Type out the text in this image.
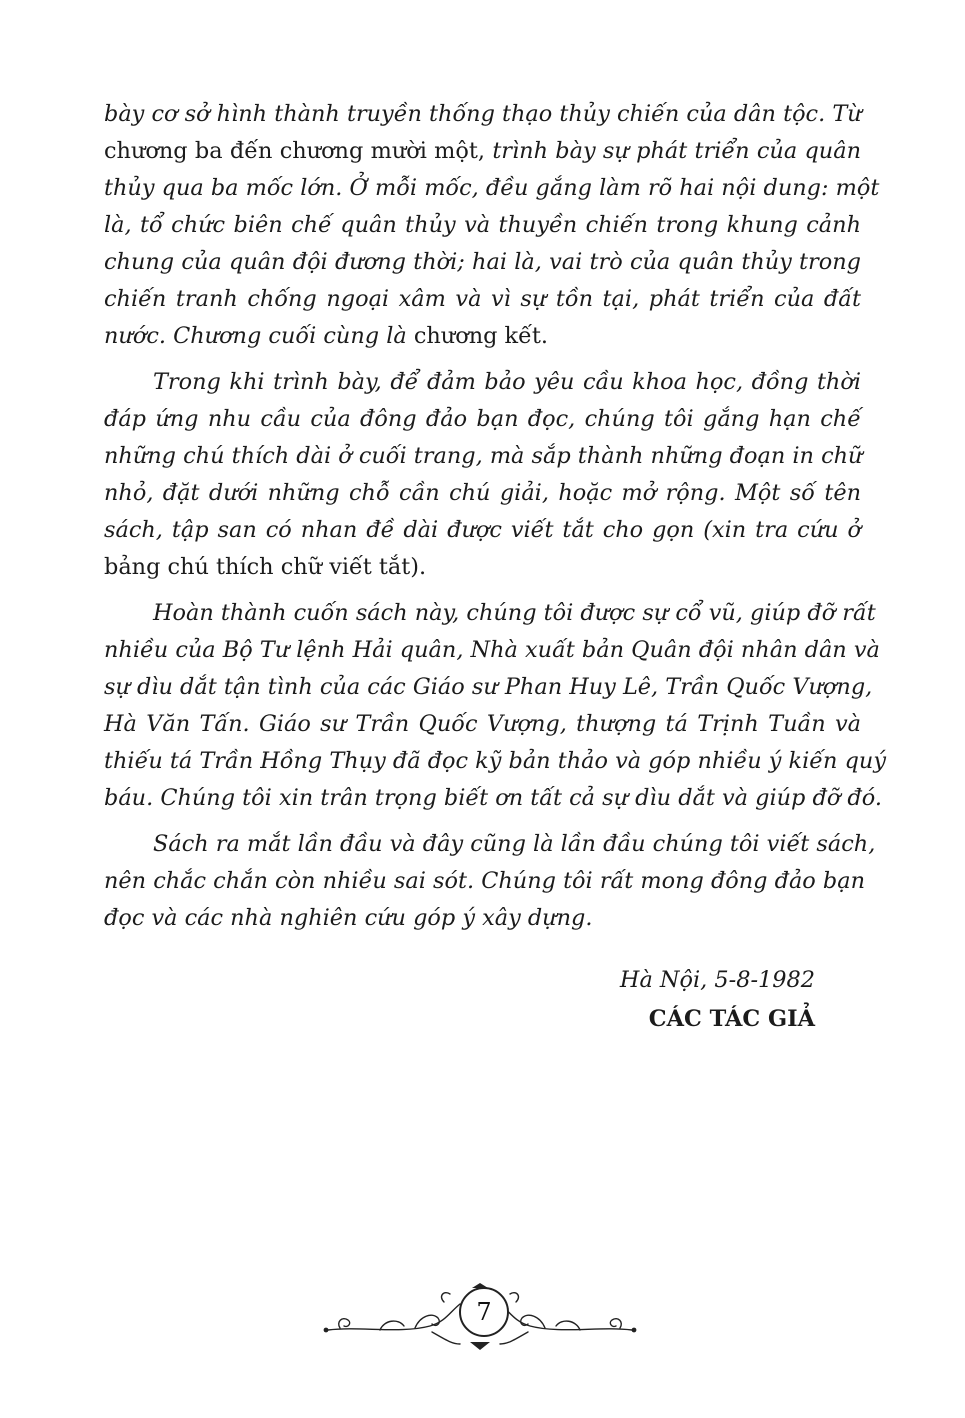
bày cơ sở hình thành truyền thống thạo thủy chiến của dân tộc. Từ
chương ba đến chương mười một, trình bày sự phát triển của quân
thủy qua ba mốc lớn. Ở mỗi mốc, đều gắng làm rõ hai nội dung: một
là, tổ chức biên chế quân thủy và thuyền chiến trong khung cảnh
chung của quân đội đương thời; hai là, vai trò của quân thủy trong
chiến tranh chống ngoại xâm và vì sự tồn tại, phát triển của đất
nước. Chương cuối cùng là chương kết.

Trong khi trình bày, để đảm bảo yêu cầu khoa học, đồng thời
đáp ứng nhu cầu của đông đảo bạn đọc, chúng tôi gắng hạn chế
những chú thích dài ở cuối trang, mà sắp thành những đoạn in chữ
nhỏ, đặt dưới những chỗ cần chú giải, hoặc mở rộng. Một số tên
sách, tập san có nhan đề dài được viết tắt cho gọn (xin tra cứu ở
bảng chú thích chữ viết tắt).

Hoàn thành cuốn sách này, chúng tôi được sự cổ vũ, giúp đỡ rất
nhiều của Bộ Tư lệnh Hải quân, Nhà xuất bản Quân đội nhân dân và
sự dìu dắt tận tình của các Giáo sư Phan Huy Lê, Trần Quốc Vượng,
Hà Văn Tấn. Giáo sư Trần Quốc Vượng, thượng tá Trịnh Tuần và
thiếu tá Trần Hồng Thụy đã đọc kỹ bản thảo và góp nhiều ý kiến quý
báu. Chúng tôi xin trân trọng biết ơn tất cả sự dìu dắt và giúp đỡ đó.

Sách ra mắt lần đầu và đây cũng là lần đầu chúng tôi viết sách,
nên chắc chắn còn nhiều sai sót. Chúng tôi rất mong đông đảo bạn
đọc và các nhà nghiên cứu góp ý xây dựng.

Hà Nội, 5-8-1982
CÁC TÁC GIẢ
7
